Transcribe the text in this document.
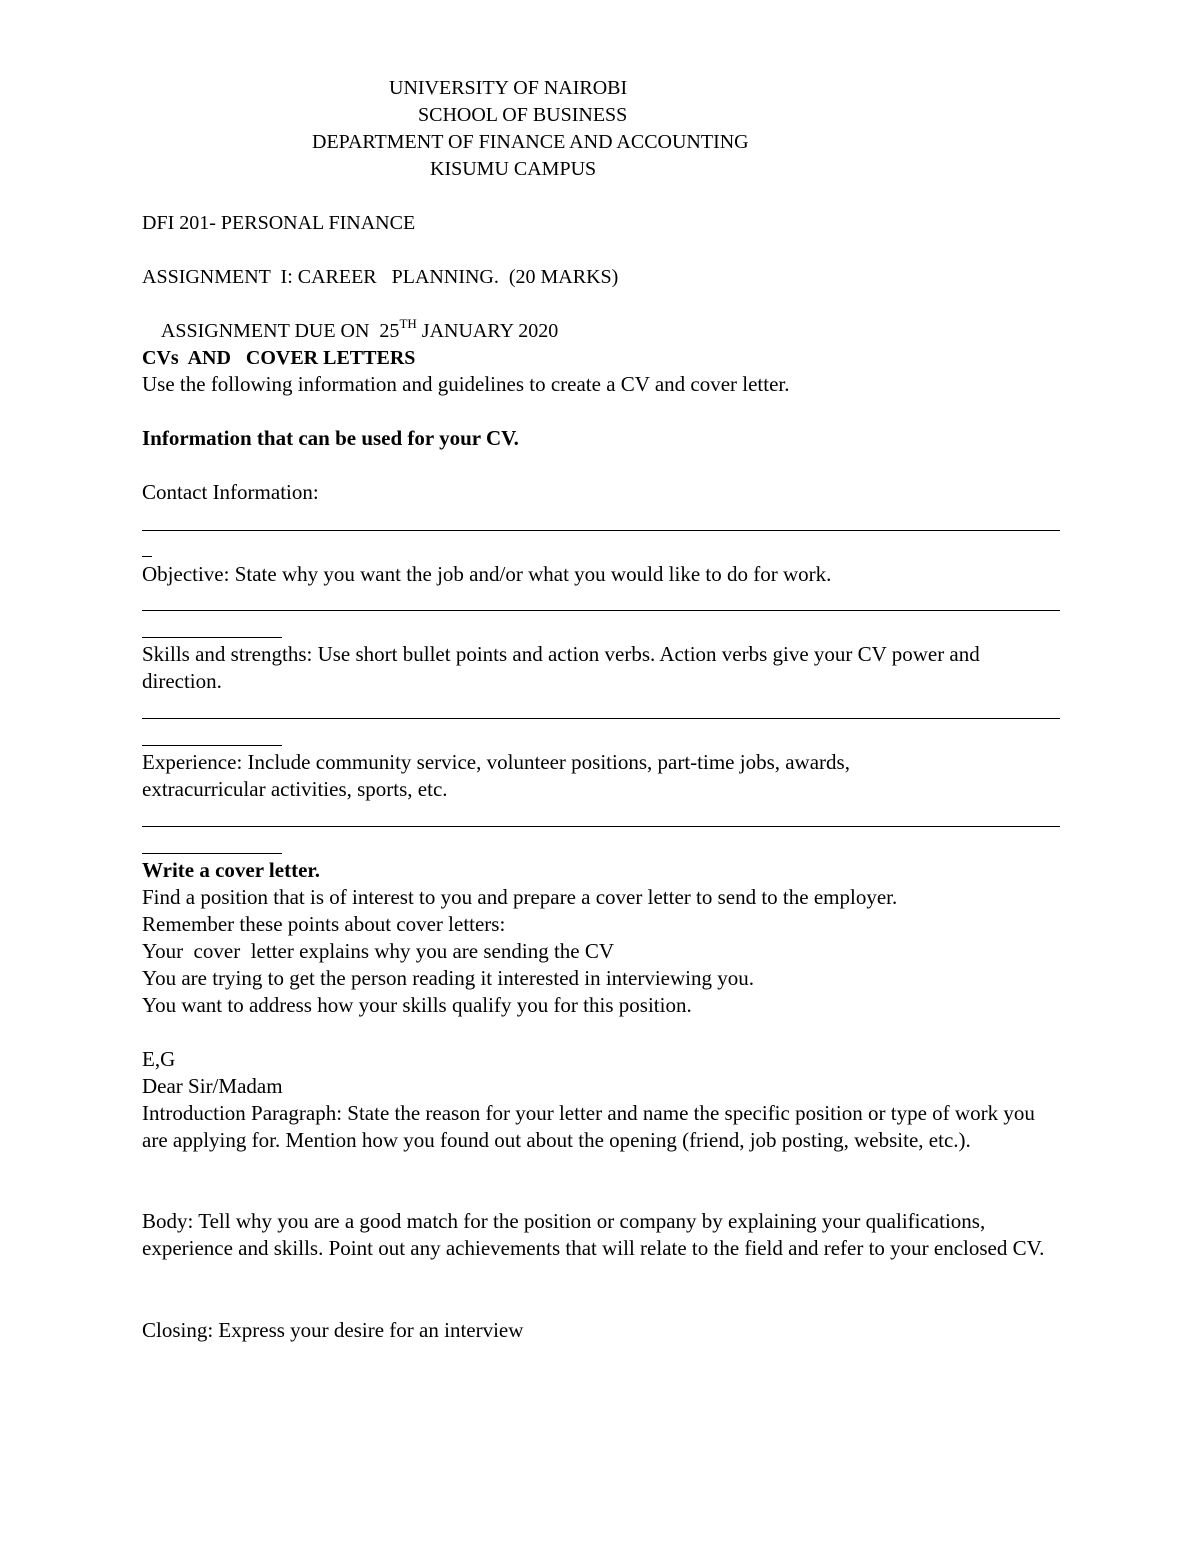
UNIVERSITY OF NAIROBI
SCHOOL OF BUSINESS
DEPARTMENT OF FINANCE AND ACCOUNTING
KISUMU CAMPUS
DFI 201- PERSONAL FINANCE
ASSIGNMENT  I: CAREER   PLANNING.  (20 MARKS)

ASSIGNMENT DUE ON  25TH JANUARY 2020

CVs  AND   COVER LETTERS
Use the following information and guidelines to create a CV and cover letter.
Information that can be used for your CV.
Contact Information:
Objective: State why you want the job and/or what you would like to do for work.
Skills and strengths: Use short bullet points and action verbs. Action verbs give your CV power and direction.
Experience: Include community service, volunteer positions, part-time jobs, awards, extracurricular activities, sports, etc.
Write a cover letter.
Find a position that is of interest to you and prepare a cover letter to send to the employer.
Remember these points about cover letters:
Your  cover  letter explains why you are sending the CV
You are trying to get the person reading it interested in interviewing you.
You want to address how your skills qualify you for this position.
E,G
Dear Sir/Madam
Introduction Paragraph: State the reason for your letter and name the specific position or type of work you are applying for. Mention how you found out about the opening (friend, job posting, website, etc.).
Body: Tell why you are a good match for the position or company by explaining your qualifications, experience and skills. Point out any achievements that will relate to the field and refer to your enclosed CV.
Closing: Express your desire for an interview
